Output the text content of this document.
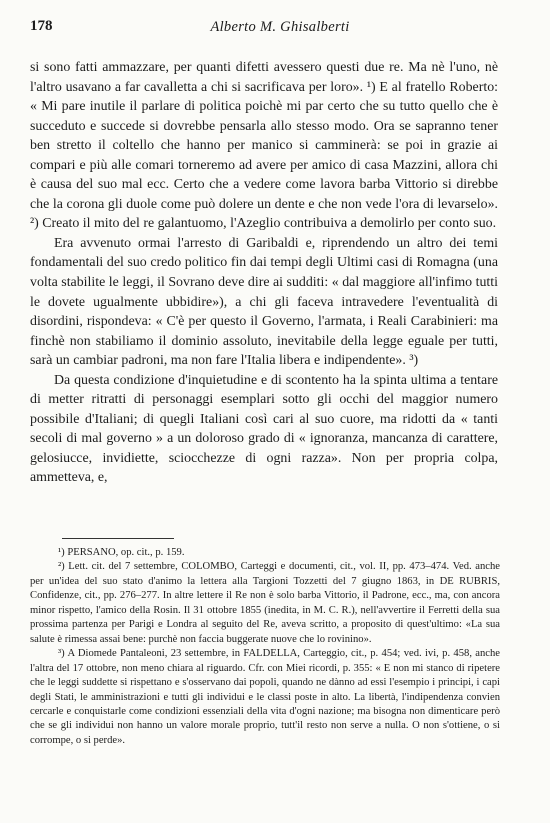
178	Alberto M. Ghisalberti

si sono fatti ammazzare, per quanti difetti avessero questi due re. Ma nè l'uno, nè l'altro usavano a far cavalletta a chi si sacrificava per loro». ¹) E al fratello Roberto: « Mi pare inutile il parlare di politica poichè mi par certo che su tutto quello che è succeduto e succede si dovrebbe pensarla allo stesso modo. Ora se sapranno tener ben stretto il coltello che hanno per manico si camminerà: se poi in grazie ai compari e più alle comari torneremo ad avere per amico di casa Mazzini, allora chi è causa del suo mal ecc. Certo che a vedere come lavora barba Vittorio si direbbe che la corona gli duole come può dolere un dente e che non vede l'ora di levarselo». ²) Creato il mito del re galantuomo, l'Azeglio contribuiva a demolirlo per conto suo.

Era avvenuto ormai l'arresto di Garibaldi e, riprendendo un altro dei temi fondamentali del suo credo politico fin dai tempi degli Ultimi casi di Romagna (una volta stabilite le leggi, il Sovrano deve dire ai sudditi: « dal maggiore all'infimo tutti le dovete ugualmente ubbidire»), a chi gli faceva intravedere l'eventualità di disordini, rispondeva: « C'è per questo il Governo, l'armata, i Reali Carabinieri: ma finchè non stabiliamo il dominio assoluto, inevitabile della legge eguale per tutti, sarà un cambiar padroni, ma non fare l'Italia libera e indipendente». ³)

Da questa condizione d'inquietudine e di scontento ha la spinta ultima a tentare di metter ritratti di personaggi esemplari sotto gli occhi del maggior numero possibile d'Italiani; di quegli Italiani così cari al suo cuore, ma ridotti da « tanti secoli di mal governo » a un doloroso grado di « ignoranza, mancanza di carattere, gelosiucce, invidiette, sciocchezze di ogni razza». Non per propria colpa, ammetteva, e,

¹) PERSANO, op. cit., p. 159.

²) Lett. cit. del 7 settembre, COLOMBO, Carteggi e documenti, cit., vol. II, pp. 473–474. Ved. anche per un'idea del suo stato d'animo la lettera alla Targioni Tozzetti del 7 giugno 1863, in DE RUBRIS, Confidenze, cit., pp. 276–277. In altre lettere il Re non è solo barba Vittorio, il Padrone, ecc., ma, con ancora minor rispetto, l'amico della Rosin. Il 31 ottobre 1855 (inedita, in M. C. R.), nell'avvertire il Ferretti della sua prossima partenza per Parigi e Londra al seguito del Re, aveva scritto, a proposito di quest'ultimo: «La sua salute è rimessa assai bene: purchè non faccia buggerate nuove che lo rovinino».

³) A Diomede Pantaleoni, 23 settembre, in FALDELLA, Carteggio, cit., p. 454; ved. ivi, p. 458, anche l'altra del 17 ottobre, non meno chiara al riguardo. Cfr. con Miei ricordi, p. 355: « E non mi stanco di ripetere che le leggi suddette si rispettano e s'osservano dai popoli, quando ne dànno ad essi l'esempio i principi, i capi degli Stati, le amministrazioni e tutti gli individui e le classi poste in alto. La libertà, l'indipendenza convien cercarle e conquistarle come condizioni essenziali della vita d'ogni nazione; ma bisogna non dimenticare però che se gli individui non hanno un valore morale proprio, tutt'il resto non serve a nulla. O non s'ottiene, o si corrompe, o si perde».
